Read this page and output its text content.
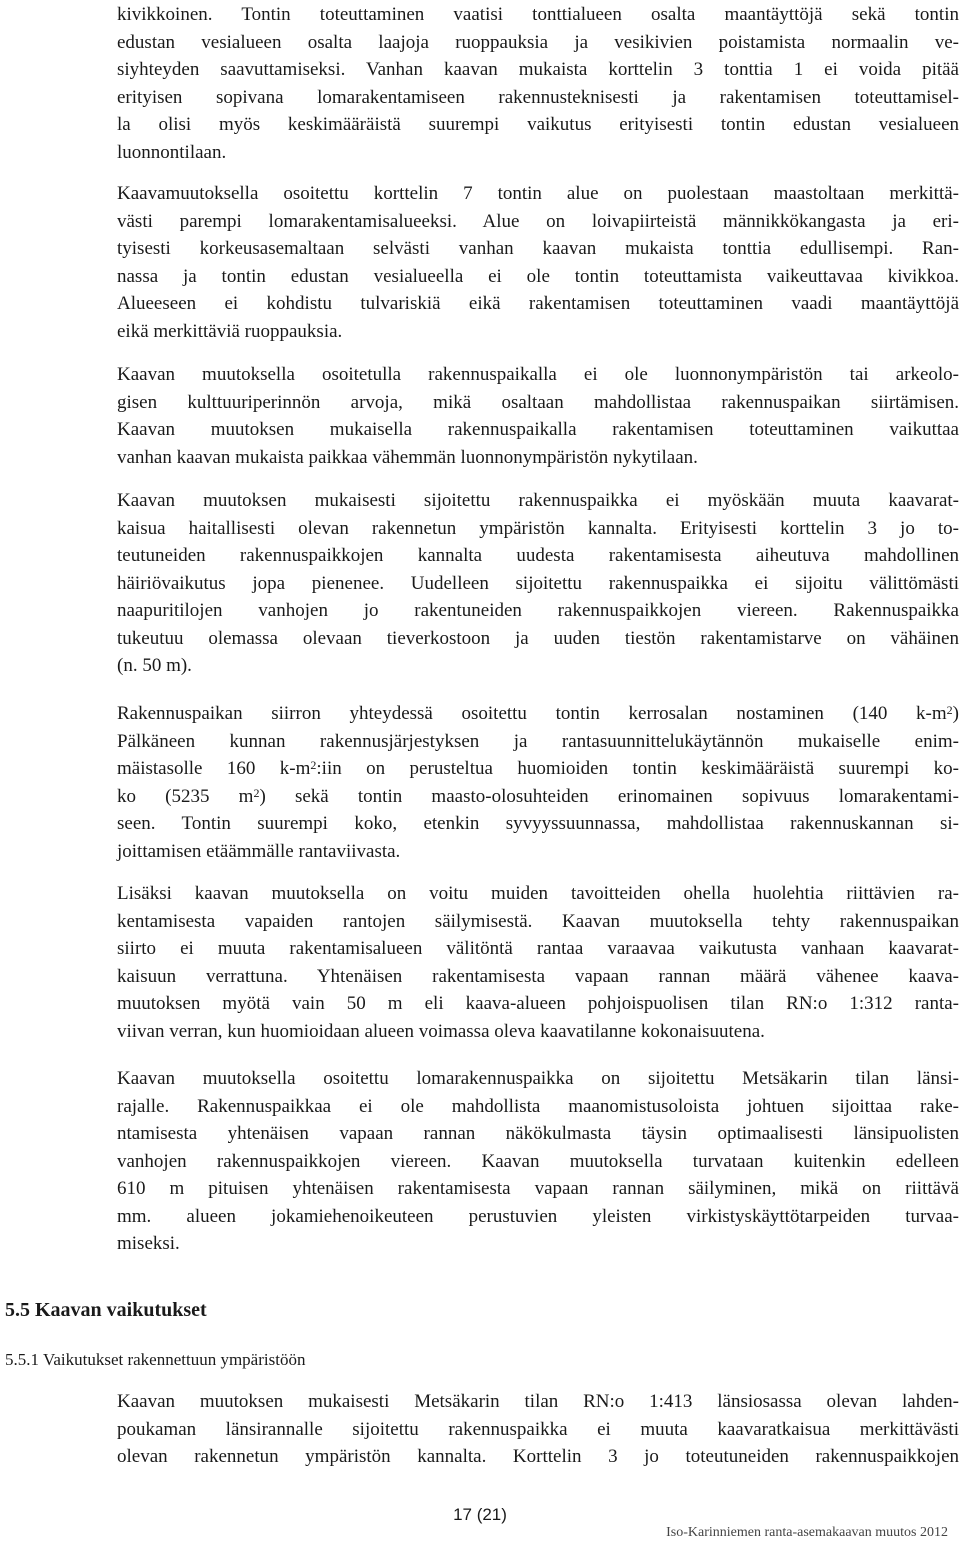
kivikkoinen. Tontin toteuttaminen vaatisi tonttialueen osalta maantäyttöjä sekä tontin
edustan vesialueen osalta laajoja ruoppauksia ja vesikivien poistamista normaalin ve-
siyhteyden saavuttamiseksi. Vanhan kaavan mukaista korttelin 3 tonttia 1 ei voida pitää
erityisen sopivana lomarakentamiseen rakennusteknisesti ja rakentamisen toteuttamisel-
la olisi myös keskimääräistä suurempi vaikutus erityisesti tontin edustan vesialueen
luonnontilaan.

Kaavamuutoksella osoitettu korttelin 7 tontin alue on puolestaan maastoltaan merkittä-
västi parempi lomarakentamisalueeksi. Alue on loivapiirteistä männikkökangasta ja eri-
tyisesti korkeusasemaltaan selvästi vanhan kaavan mukaista tonttia edullisempi. Ran-
nassa ja tontin edustan vesialueella ei ole tontin toteuttamista vaikeuttavaa kivikkoa.
Alueeseen ei kohdistu tulvariskiä eikä rakentamisen toteuttaminen vaadi maantäyttöjä
eikä merkittäviä ruoppauksia.

Kaavan muutoksella osoitetulla rakennuspaikalla ei ole luonnonympäristön tai arkeolo-
gisen kulttuuriperinnön arvoja, mikä osaltaan mahdollistaa rakennuspaikan siirtämisen.
Kaavan muutoksen mukaisella rakennuspaikalla rakentamisen toteuttaminen vaikuttaa
vanhan kaavan mukaista paikkaa vähemmän luonnonympäristön nykytilaan.

Kaavan muutoksen mukaisesti sijoitettu rakennuspaikka ei myöskään muuta kaavarat-
kaisua haitallisesti olevan rakennetun ympäristön kannalta. Erityisesti korttelin 3 jo to-
teutuneiden rakennuspaikkojen kannalta uudesta rakentamisesta aiheutuva mahdollinen
häiriövaikutus jopa pienenee. Uudelleen sijoitettu rakennuspaikka ei sijoitu välittömästi
naapuritilojen vanhojen jo rakentuneiden rakennuspaikkojen viereen. Rakennuspaikka
tukeutuu olemassa olevaan tieverkostoon ja uuden tiestön rakentamistarve on vähäinen
(n. 50 m).

Rakennuspaikan siirron yhteydessä osoitettu tontin kerrosalan nostaminen (140 $k-m^2$)
Pälkäneen kunnan rakennusjärjestyksen ja rantasuunnittelukäytännön mukaiselle enim-
mäistasolle 160 $k-m^2:iin$ on perusteltua huomioiden tontin keskimääräistä suurempi ko-
ko (5235 $m^2$) sekä tontin maasto-olosuhteiden erinomainen sopivuus lomarakentami-
seen. Tontin suurempi koko, etenkin syvyyssuunnassa, mahdollistaa rakennuskannan si-
joittamisen etäämmälle rantaviivasta.

Lisäksi kaavan muutoksella on voitu muiden tavoitteiden ohella huolehtia riittävien ra-
kentamisesta vapaiden rantojen säilymisestä. Kaavan muutoksella tehty rakennuspaikan
siirto ei muuta rakentamisalueen välitöntä rantaa varaavaa vaikutusta vanhaan kaavarat-
kaisuun verrattuna. Yhtenäisen rakentamisesta vapaan rannan määrä vähenee kaava-
muutoksen myötä vain 50 m eli kaava-alueen pohjoispuolisen tilan RN:o 1:312 ranta-
viivan verran, kun huomioidaan alueen voimassa oleva kaavatilanne kokonaisuutena.

Kaavan muutoksella osoitettu lomarakennuspaikka on sijoitettu Metsäkarin tilan länsi-
rajalle. Rakennuspaikkaa ei ole mahdollista maanomistusoloista johtuen sijoittaa rake-
ntamisesta yhtenäisen vapaan rannan näkökulmasta täysin optimaalisesti länsipuolisten
vanhojen rakennuspaikkojen viereen. Kaavan muutoksella turvataan kuitenkin edelleen
610 m pituisen yhtenäisen rakentamisesta vapaan rannan säilyminen, mikä on riittävä
mm. alueen jokamiehenoikeuteen perustuvien yleisten virkistyskäyttötarpeiden turvaa-
miseksi.

5.5 Kaavan vaikutukset
5.5.1 Vaikutukset rakennettuun ympäristöön

Kaavan muutoksen mukaisesti Metsäkarin tilan RN:o 1:413 länsiosassa olevan lahden-
poukaman länsirannalle sijoitettu rakennuspaikka ei muuta kaavaratkaisua merkittävästi
olevan rakennetun ympäristön kannalta. Korttelin 3 jo toteutuneiden rakennuspaikkojen

17 (21)
Iso-Karinniemen ranta-asemakaavan muutos 2012
